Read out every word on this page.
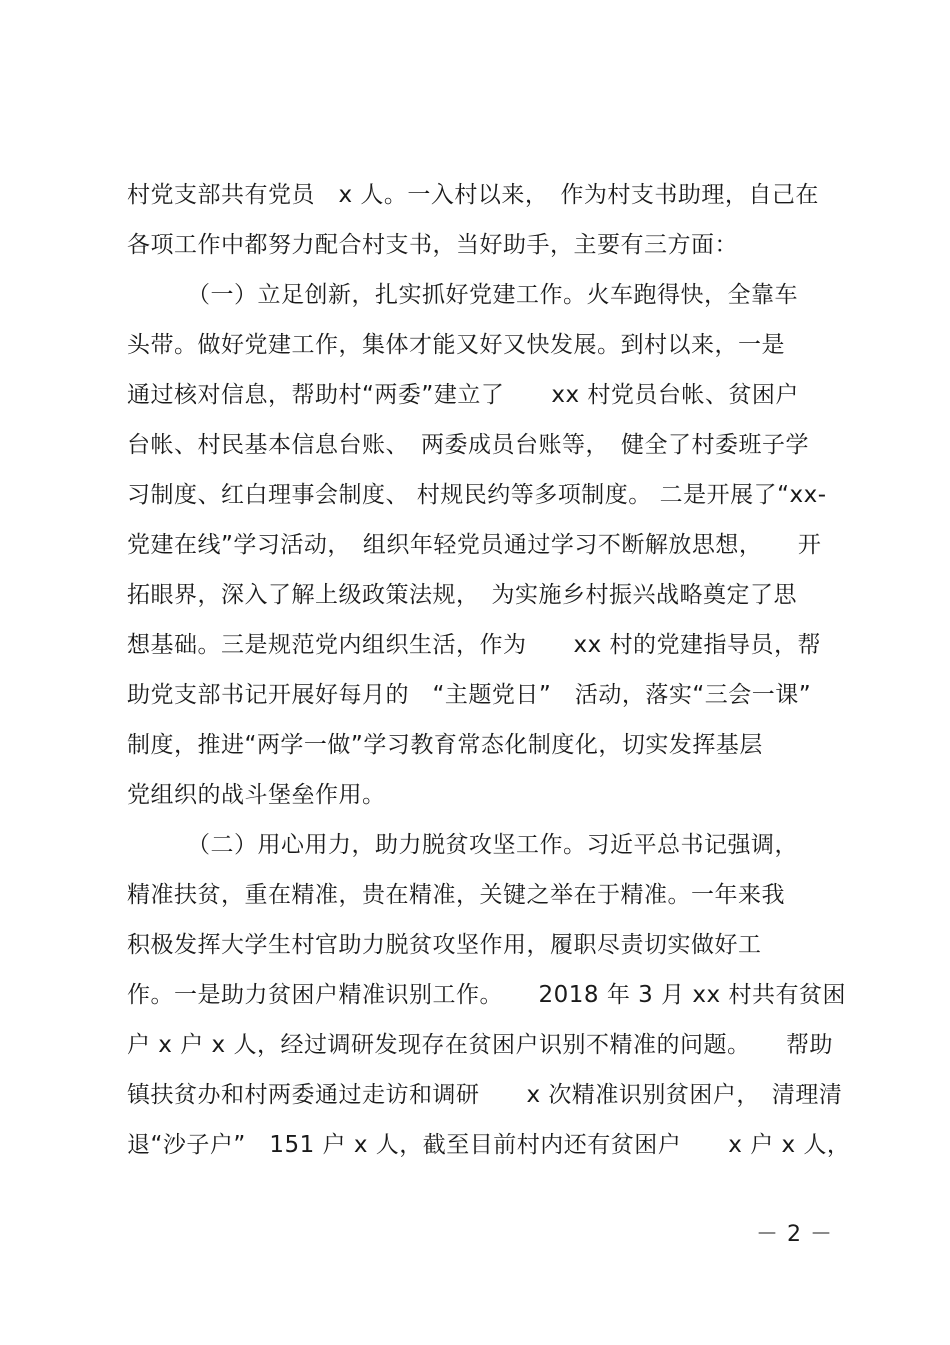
村党支部共有党员　x 人。一入村以来，　作为村支书助理，自己在
各项工作中都努力配合村支书，当好助手，主要有三方面：
（一）立足创新，扎实抓好党建工作。火车跑得快，全靠车
头带。做好党建工作，集体才能又好又快发展。到村以来，一是
通过核对信息，帮助村“两委”建立了　　xx 村党员台帐、贫困户
台帐、村民基本信息台账、　两委成员台账等，　健全了村委班子学
习制度、红白理事会制度、 村规民约等多项制度。 二是开展了“xx-
党建在线”学习活动，　组织年轻党员通过学习不断解放思想，　　开
拓眼界，深入了解上级政策法规，　为实施乡村振兴战略奠定了思
想基础。三是规范党内组织生活，作为　　xx 村的党建指导员，帮
助党支部书记开展好每月的　“主题党日”　活动，落实“三会一课”
制度，推进“两学一做”学习教育常态化制度化，切实发挥基层
党组织的战斗堡垒作用。
（二）用心用力，助力脱贫攻坚工作。习近平总书记强调，
精准扶贫，重在精准，贵在精准，关键之举在于精准。一年来我
积极发挥大学生村官助力脱贫攻坚作用，履职尽责切实做好工
作。一是助力贫困户精准识别工作。　　2018 年 3 月 xx 村共有贫困
户 x 户 x 人，经过调研发现存在贫困户识别不精准的问题。　　帮助
镇扶贫办和村两委通过走访和调研　　x 次精准识别贫困户，　清理清
退“沙子户”　151 户 x 人，截至目前村内还有贫困户　　x 户 x 人，
－ 2 －
